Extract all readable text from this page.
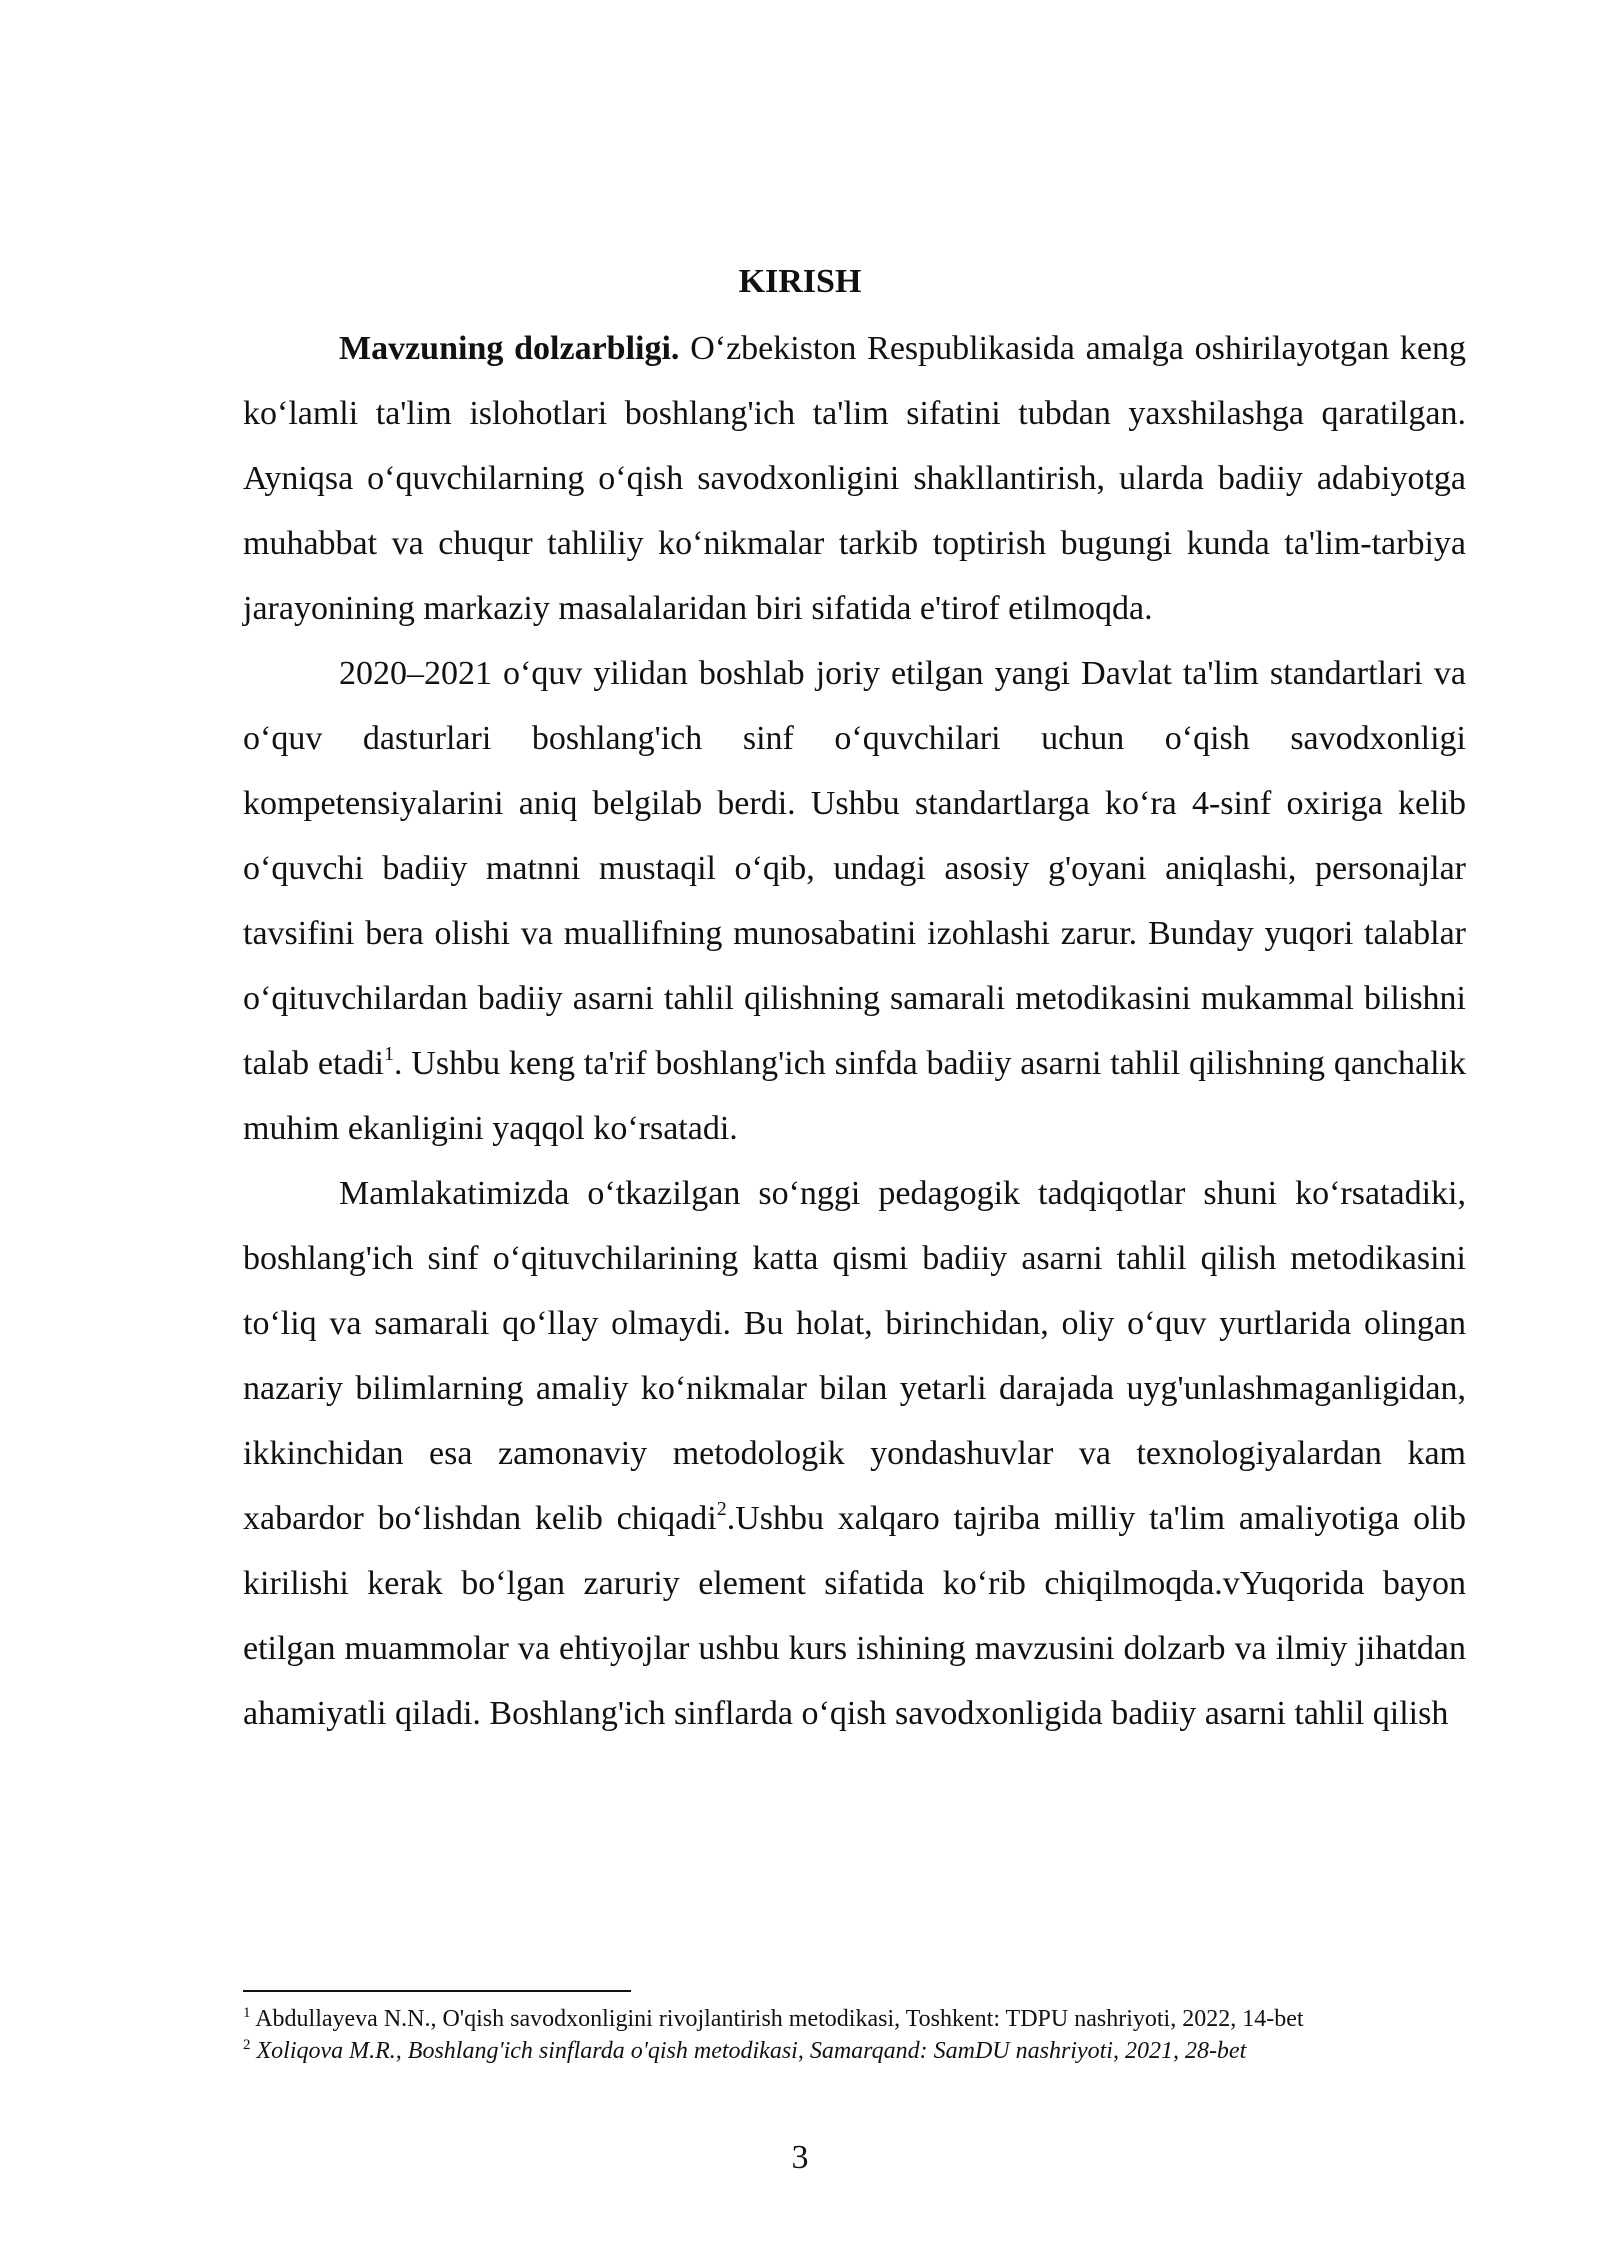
KIRISH

Mavzuning dolzarbligi. O‘zbekiston Respublikasida amalga oshirilayotgan keng ko‘lamli ta'lim islohotlari boshlang'ich ta'lim sifatini tubdan yaxshilashga qaratilgan. Ayniqsa o‘quvchilarning o‘qish savodxonligini shakllantirish, ularda badiiy adabiyotga muhabbat va chuqur tahliliy ko‘nikmalar tarkib toptirish bugungi kunda ta'lim-tarbiya jarayonining markaziy masalalaridan biri sifatida e'tirof etilmoqda.

2020–2021 o‘quv yilidan boshlab joriy etilgan yangi Davlat ta'lim standartlari va o‘quv dasturlari boshlang'ich sinf o‘quvchilari uchun o‘qish savodxonligi kompetensiyalarini aniq belgilab berdi. Ushbu standartlarga ko‘ra 4-sinf oxiriga kelib o‘quvchi badiiy matnni mustaqil o‘qib, undagi asosiy g'oyani aniqlashi, personajlar tavsifini bera olishi va muallifning munosabatini izohlashi zarur. Bunday yuqori talablar o‘qituvchilardan badiiy asarni tahlil qilishning samarali metodikasini mukammal bilishni talab etadi$^1$. Ushbu keng ta'rif boshlang'ich sinfda badiiy asarni tahlil qilishning qanchalik muhim ekanligini yaqqol ko‘rsatadi.

Mamlakatimizda o‘tkazilgan so‘nggi pedagogik tadqiqotlar shuni ko‘rsatadiki, boshlang'ich sinf o‘qituvchilarining katta qismi badiiy asarni tahlil qilish metodikasini to‘liq va samarali qo‘llay olmaydi. Bu holat, birinchidan, oliy o‘quv yurtlarida olingan nazariy bilimlarning amaliy ko‘nikmalar bilan yetarli darajada uyg'unlashmaganligidan, ikkinchidan esa zamonaviy metodologik yondashuvlar va texnologiyalardan kam xabardor bo‘lishdan kelib chiqadi$^2$.Ushbu xalqaro tajriba milliy ta'lim amaliyotiga olib kirilishi kerak bo‘lgan zaruriy element sifatida ko‘rib chiqilmoqda.vYuqorida bayon etilgan muammolar va ehtiyojlar ushbu kurs ishining mavzusini dolzarb va ilmiy jihatdan ahamiyatli qiladi. Boshlang'ich sinflarda o‘qish savodxonligida badiiy asarni tahlil qilish

$^1$ Abdullayeva N.N., O'qish savodxonligini rivojlantirish metodikasi, Toshkent: TDPU nashriyoti, 2022, 14-bet

$^2$ Xoliqova M.R., Boshlang'ich sinflarda o'qish metodikasi, Samarqand: SamDU nashriyoti, 2021, 28-bet

3
